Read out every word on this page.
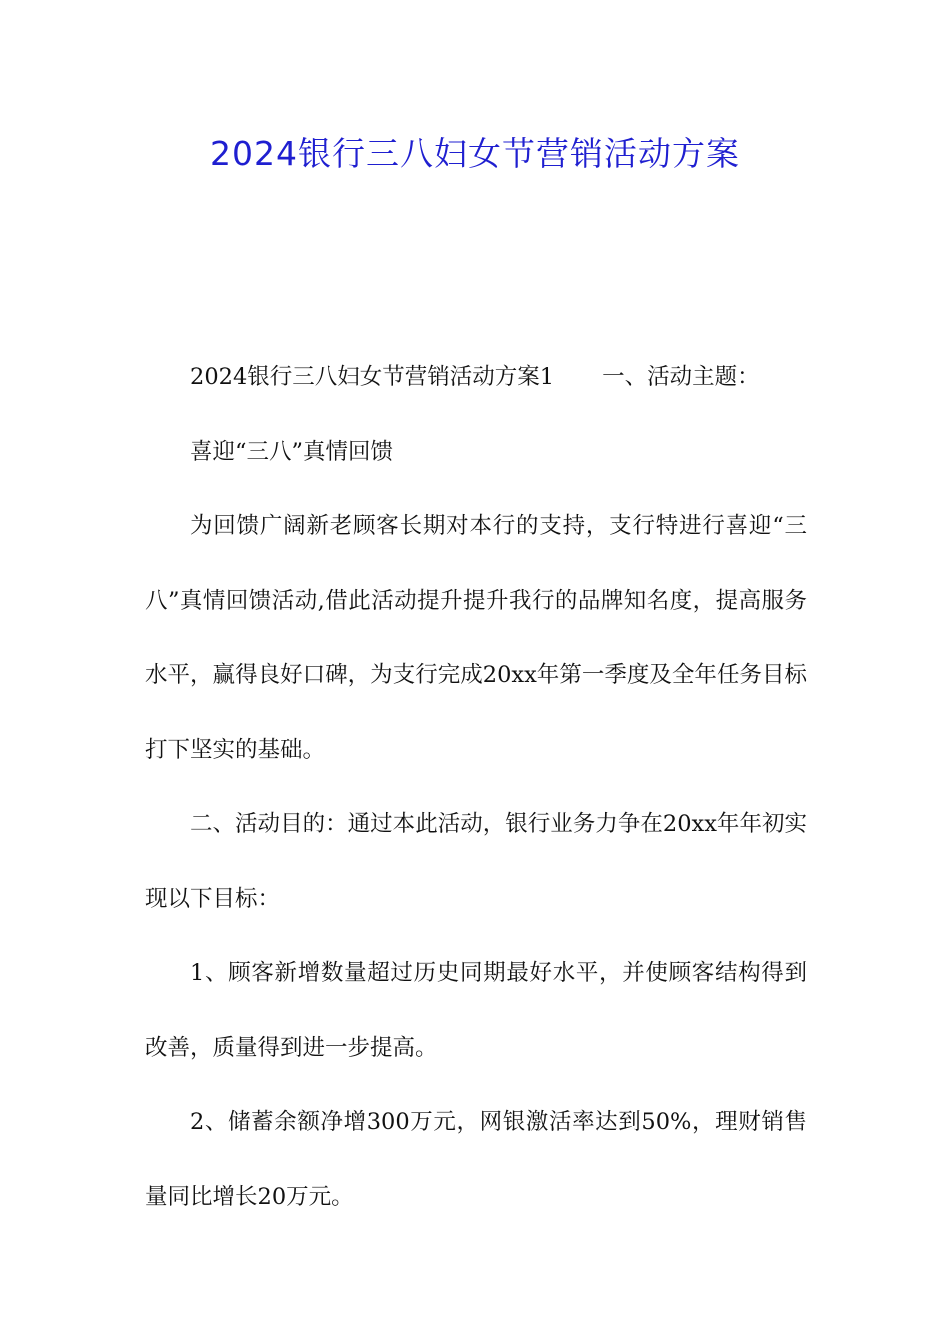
2024银行三八妇女节营销活动方案

2024银行三八妇女节营销活动方案1 一、活动主题：

喜迎“三八”真情回馈

为回馈广阔新老顾客长期对本行的支持，支行特进行喜迎“三八”真情回馈活动,借此活动提升提升我行的品牌知名度，提高服务水平，赢得良好口碑，为支行完成20xx年第一季度及全年任务目标打下坚实的基础。

二、活动目的：通过本此活动，银行业务力争在20xx年年初实现以下目标：

1、顾客新增数量超过历史同期最好水平，并使顾客结构得到改善，质量得到进一步提高。

2、储蓄余额净增300万元，网银激活率达到50%，理财销售量同比增长20万元。
